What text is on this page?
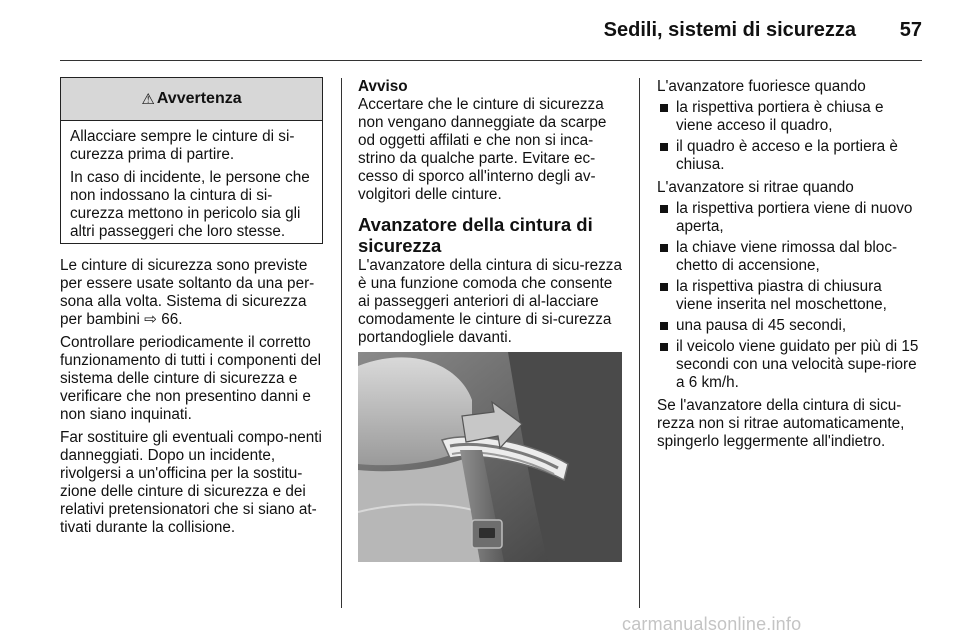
Sedili, sistemi di sicurezza 57
⚠ Avvertenza

Allacciare sempre le cinture di si-curezza prima di partire.

In caso di incidente, le persone che non indossano la cintura di si-curezza mettono in pericolo sia gli altri passeggeri che loro stesse.

Le cinture di sicurezza sono previste per essere usate soltanto da una per-sona alla volta. Sistema di sicurezza per bambini ⇨ 66.

Controllare periodicamente il corretto funzionamento di tutti i componenti del sistema delle cinture di sicurezza e verificare che non presentino danni e non siano inquinati.

Far sostituire gli eventuali compo-nenti danneggiati. Dopo un incidente, rivolgersi a un'officina per la sostitu-zione delle cinture di sicurezza e dei relativi pretensionatori che si siano at-tivati durante la collisione.

Avviso

Accertare che le cinture di sicurezza non vengano danneggiate da scarpe od oggetti affilati e che non si inca-strino da qualche parte. Evitare ec-cesso di sporco all'interno degli av-volgitori delle cinture.

Avanzatore della cintura di sicurezza

L'avanzatore della cintura di sicu-rezza è una funzione comoda che consente ai passeggeri anteriori di al-lacciare comodamente le cinture di si-curezza portandogliele davanti.

L'avanzatore fuoriesce quando

la rispettiva portiera è chiusa e viene acceso il quadro,
il quadro è acceso e la portiera è chiusa.

L'avanzatore si ritrae quando

la rispettiva portiera viene di nuovo aperta,
la chiave viene rimossa dal bloc-chetto di accensione,
la rispettiva piastra di chiusura viene inserita nel moschettone,
una pausa di 45 secondi,
il veicolo viene guidato per più di 15 secondi con una velocità supe-riore a 6 km/h.

Se l'avanzatore della cintura di sicu-rezza non si ritrae automaticamente, spingerlo leggermente all'indietro.

carmanualsonline.info
